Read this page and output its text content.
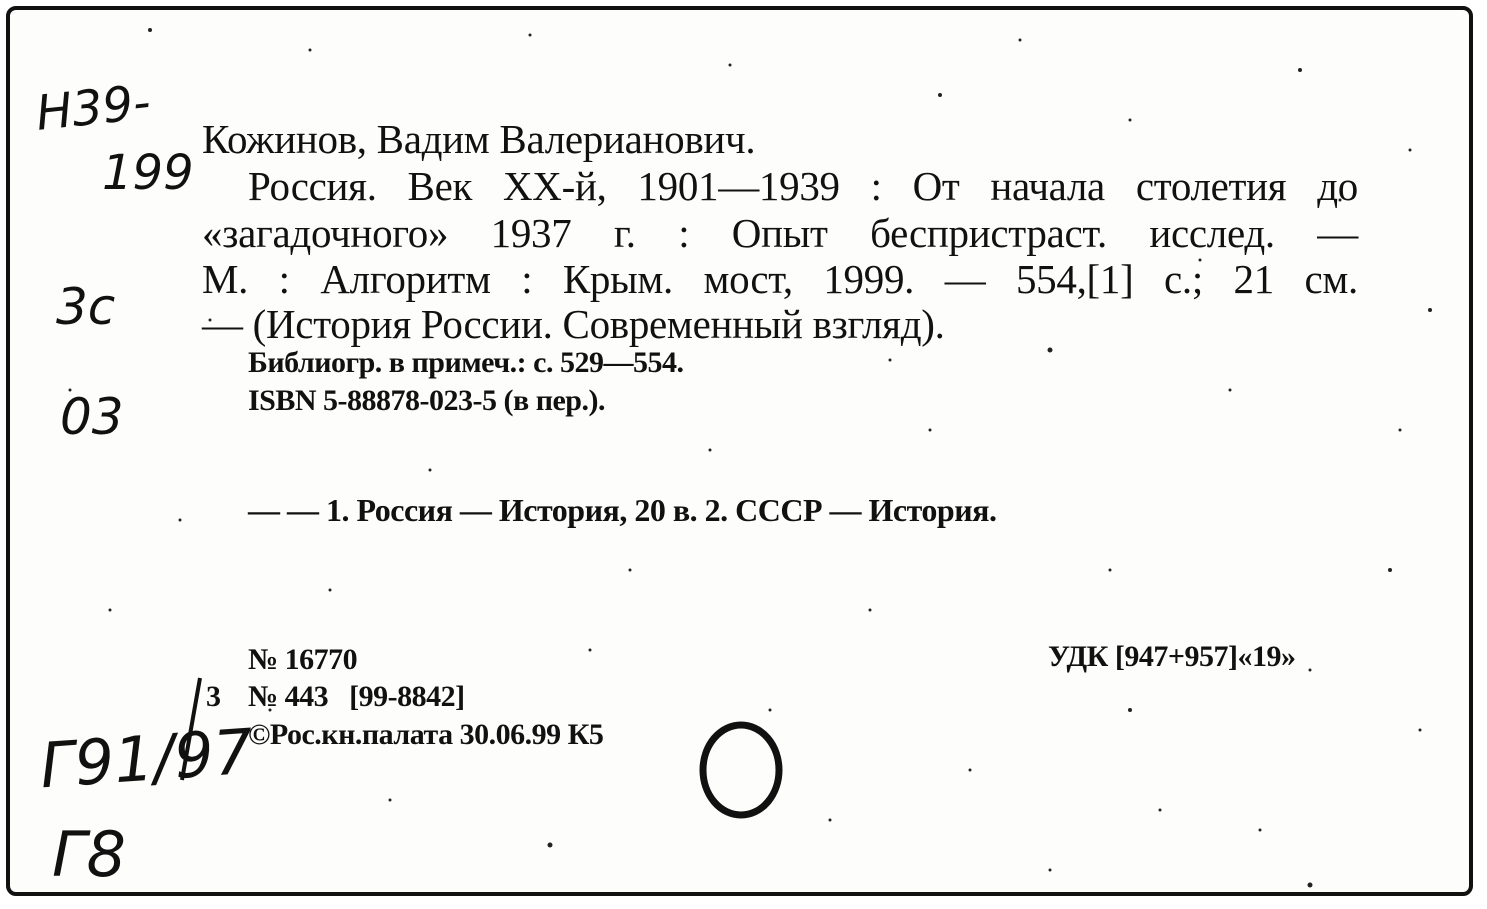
Н39-
199
3с
03
Г91/97
Г8
Кожинов, Вадим Валерианович.
Россия. Век XX-й, 1901—1939 : От начала столетия до
«загадочного» 1937 г. : Опыт беспристраст. исслед. —
М. : Алгоритм : Крым. мост, 1999. — 554,[1] с.; 21 см.
— (История России. Современный взгляд).
Библиогр. в примеч.: с. 529—554.
ISBN 5-88878-023-5 (в пер.).
— — 1. Россия — История, 20 в. 2. СССР — История.
№ 16770
3 № 443   [99-8842]
©Рос.кн.палата 30.06.99 К5
УДК [947+957]«19»
